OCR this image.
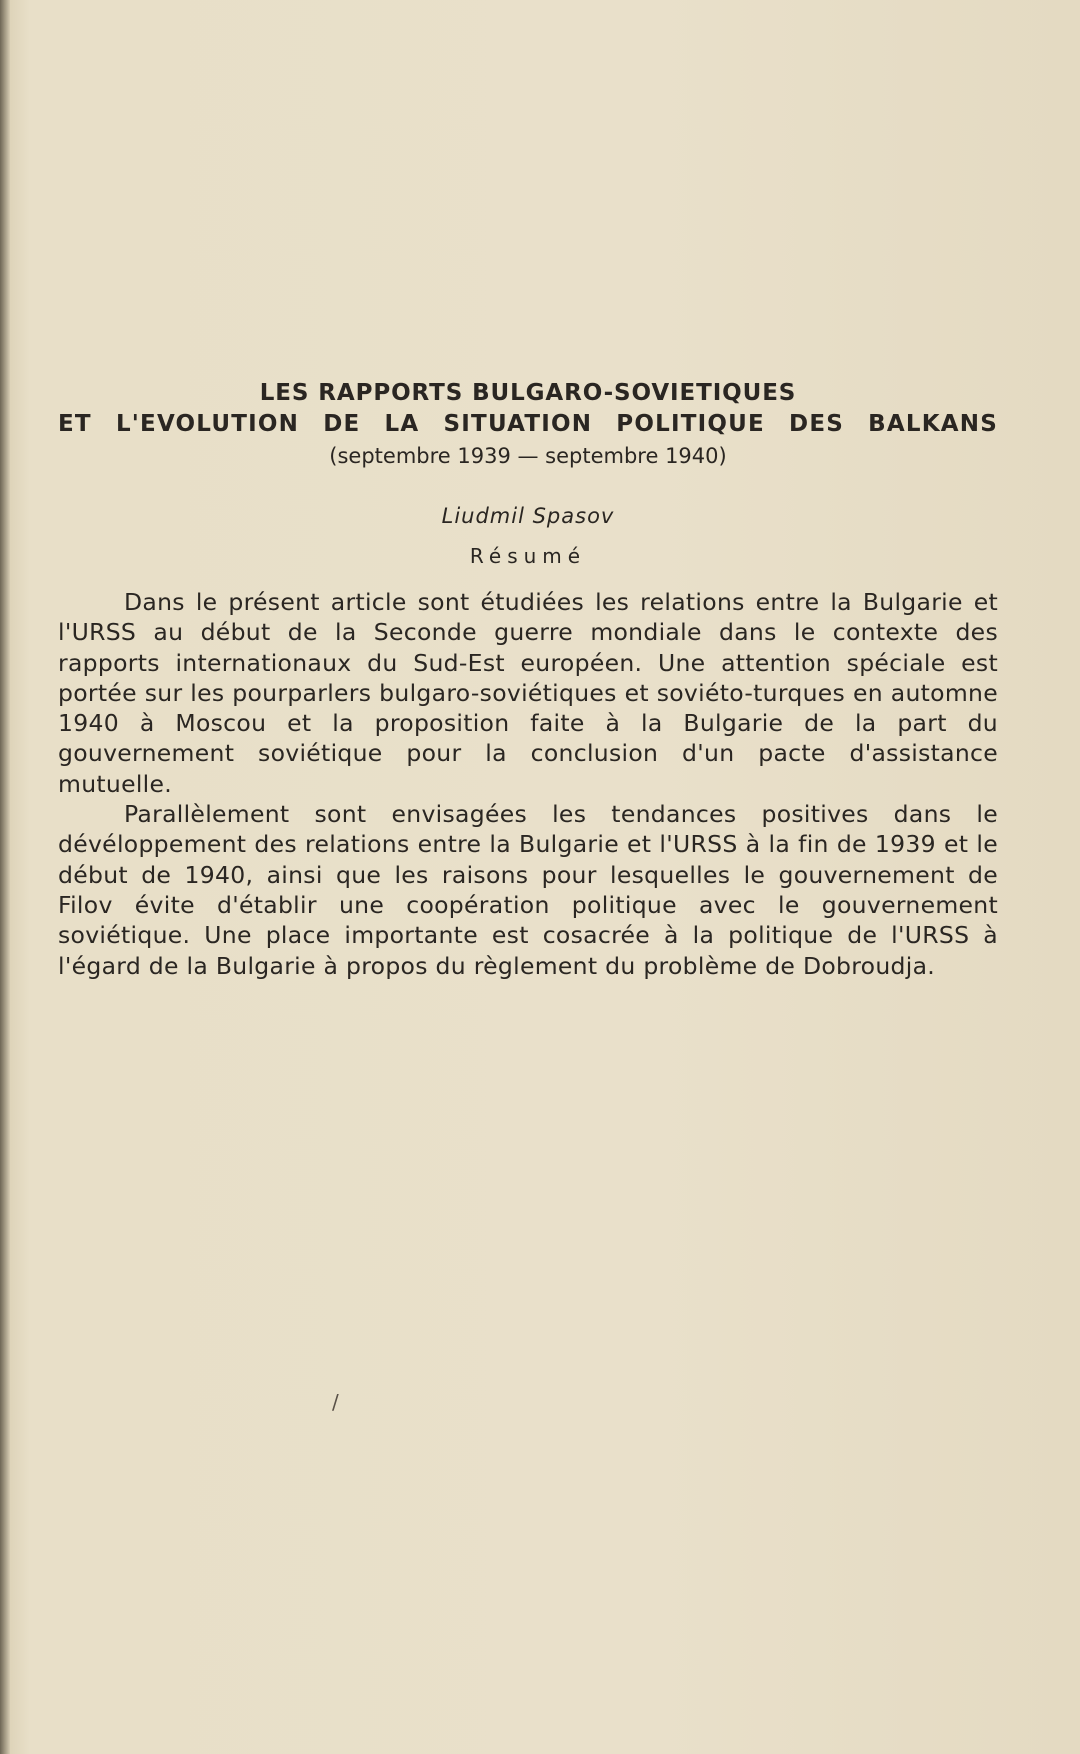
LES RAPPORTS BULGARO-SOVIETIQUES
ET L'EVOLUTION DE LA SITUATION POLITIQUE DES BALKANS
(septembre 1939 — septembre 1940)
Liudmil Spasov
Résumé

Dans le présent article sont étudiées les relations entre la Bulgarie et l'URSS au début de la Seconde guerre mondiale dans le contexte des rapports internationaux du Sud-Est européen. Une attention spéciale est portée sur les pourparlers bulgaro-soviétiques et soviéto-turques en automne 1940 à Moscou et la proposition faite à la Bulgarie de la part du gouvernement soviétique pour la conclusion d'un pacte d'assistance mutuelle.

Parallèlement sont envisagées les tendances positives dans le dévéloppement des relations entre la Bulgarie et l'URSS à la fin de 1939 et le début de 1940, ainsi que les raisons pour lesquelles le gouvernement de Filov évite d'établir une coopération politique avec le gouvernement soviétique. Une place importante est cosacrée à la politique de l'URSS à l'égard de la Bulgarie à propos du règlement du problème de Dobroudja.

/
